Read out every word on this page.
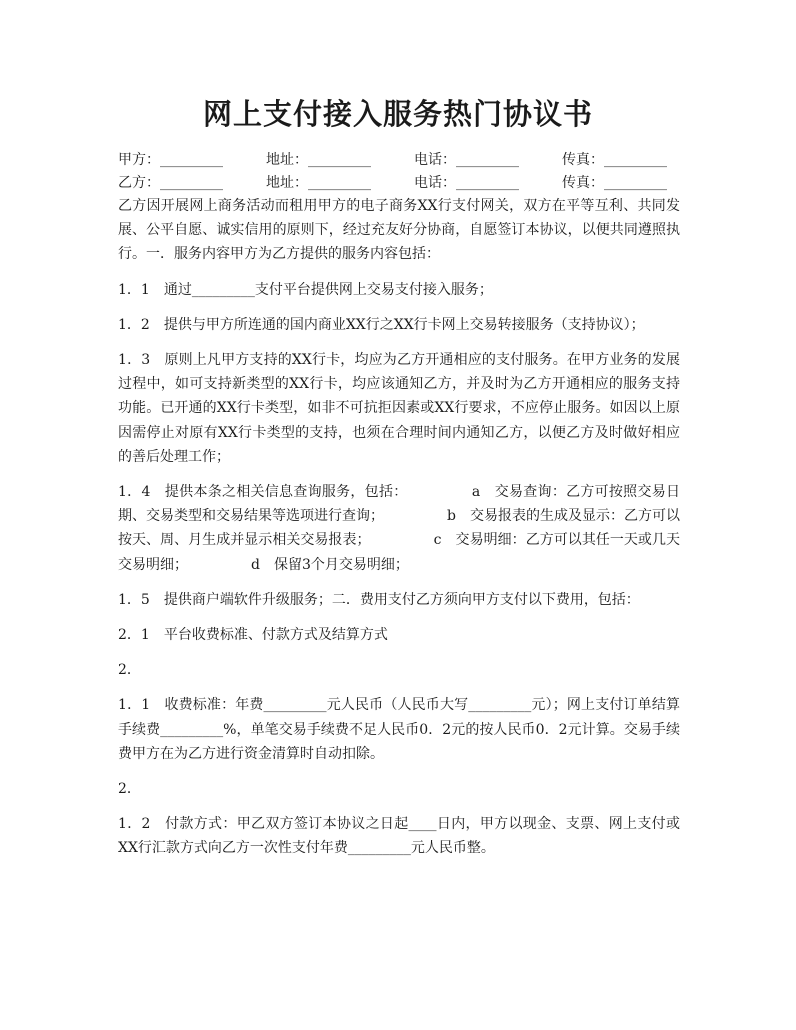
网上支付接入服务热门协议书
甲方：_________	地址：_________	电话：_________	传真：_________
乙方：_________	地址：_________	电话：_________	传真：_________

乙方因开展网上商务活动而租用甲方的电子商务XX行支付网关，双方在平等互利、共同发展、公平自愿、诚实信用的原则下，经过充友好分协商，自愿签订本协议，以便共同遵照执行。一．服务内容甲方为乙方提供的服务内容包括：

1．1　通过_________支付平台提供网上交易支付接入服务；

1．2　提供与甲方所连通的国内商业XX行之XX行卡网上交易转接服务（支持协议）；

1．3　原则上凡甲方支持的XX行卡，均应为乙方开通相应的支付服务。在甲方业务的发展过程中，如可支持新类型的XX行卡，均应该通知乙方，并及时为乙方开通相应的服务支持功能。已开通的XX行卡类型，如非不可抗拒因素或XX行要求，不应停止服务。如因以上原因需停止对原有XX行卡类型的支持，也须在合理时间内通知乙方，以便乙方及时做好相应的善后处理工作；

1．4　提供本条之相关信息查询服务，包括：　　　　　a　交易查询：乙方可按照交易日期、交易类型和交易结果等选项进行查询；　　　　　b　交易报表的生成及显示：乙方可以按天、周、月生成并显示相关交易报表；　　　　　c　交易明细：乙方可以其任一天或几天交易明细；　　　　　d　保留3个月交易明细；

1．5　提供商户端软件升级服务；二．费用支付乙方须向甲方支付以下费用，包括：

2．1　平台收费标准、付款方式及结算方式

2．

1．1　收费标准：年费_________元人民币（人民币大写_________元）；网上支付订单结算手续费_________%，单笔交易手续费不足人民币0．2元的按人民币0．2元计算。交易手续费甲方在为乙方进行资金清算时自动扣除。

2．

1．2　付款方式：甲乙双方签订本协议之日起____日内，甲方以现金、支票、网上支付或XX行汇款方式向乙方一次性支付年费_________元人民币整。
